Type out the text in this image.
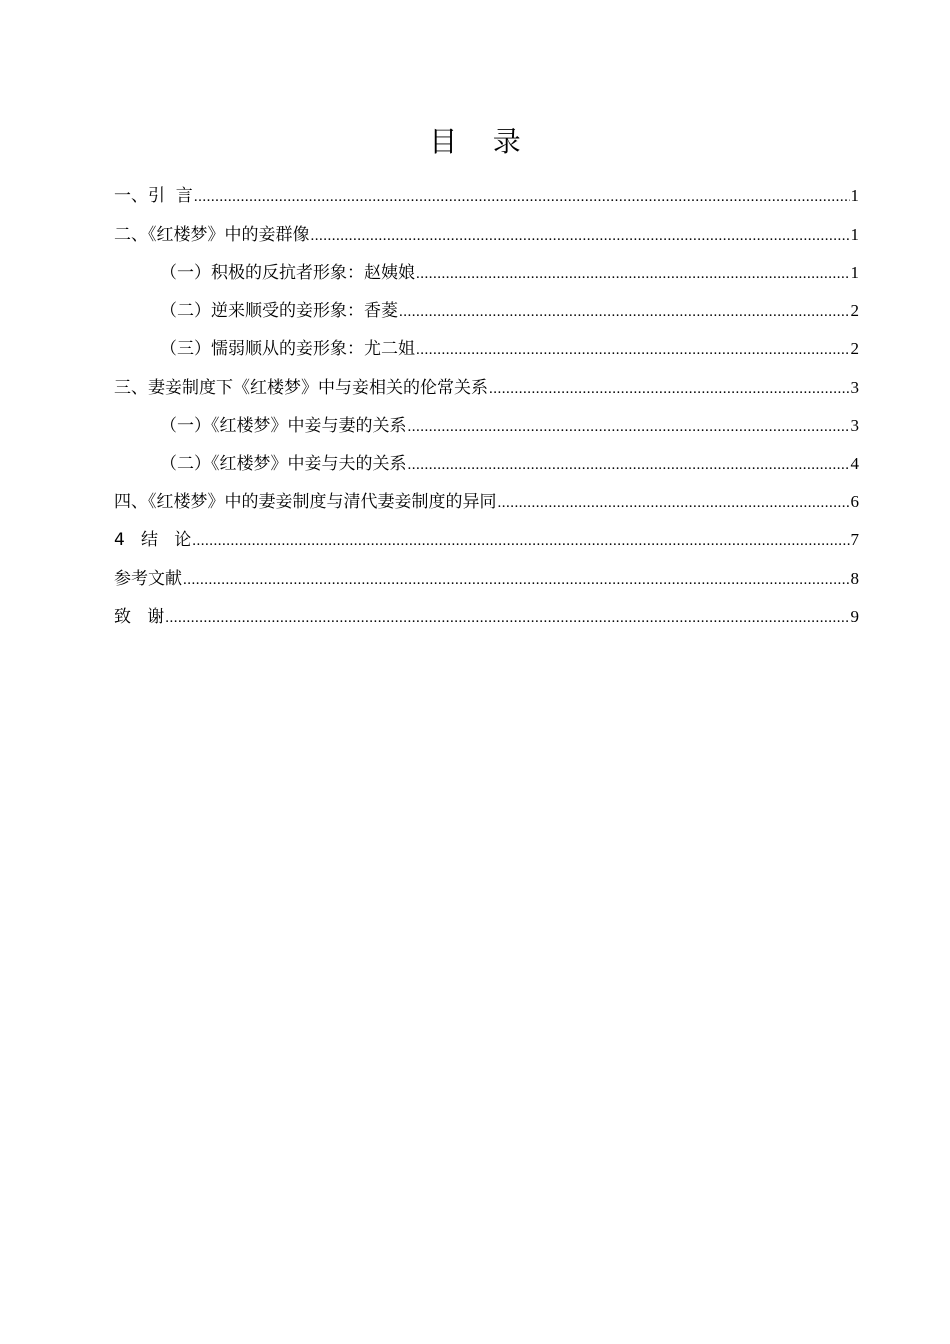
目    录
一、引  言 .....	1
二、《红楼梦》中的妾群像 .....	1
（一）积极的反抗者形象：赵姨娘 .....	1
（二）逆来顺受的妾形象：香菱 .....	2
（三）懦弱顺从的妾形象：尤二姐 .....	2
三、妻妾制度下《红楼梦》中与妾相关的伦常关系 .....	3
（一）《红楼梦》中妾与妻的关系 .....	3
（二）《红楼梦》中妾与夫的关系 .....	4
四、《红楼梦》中的妻妾制度与清代妻妾制度的异同 .....	6
4   结   论 .....	7
参考文献 .....	8
致   谢 .....	9
